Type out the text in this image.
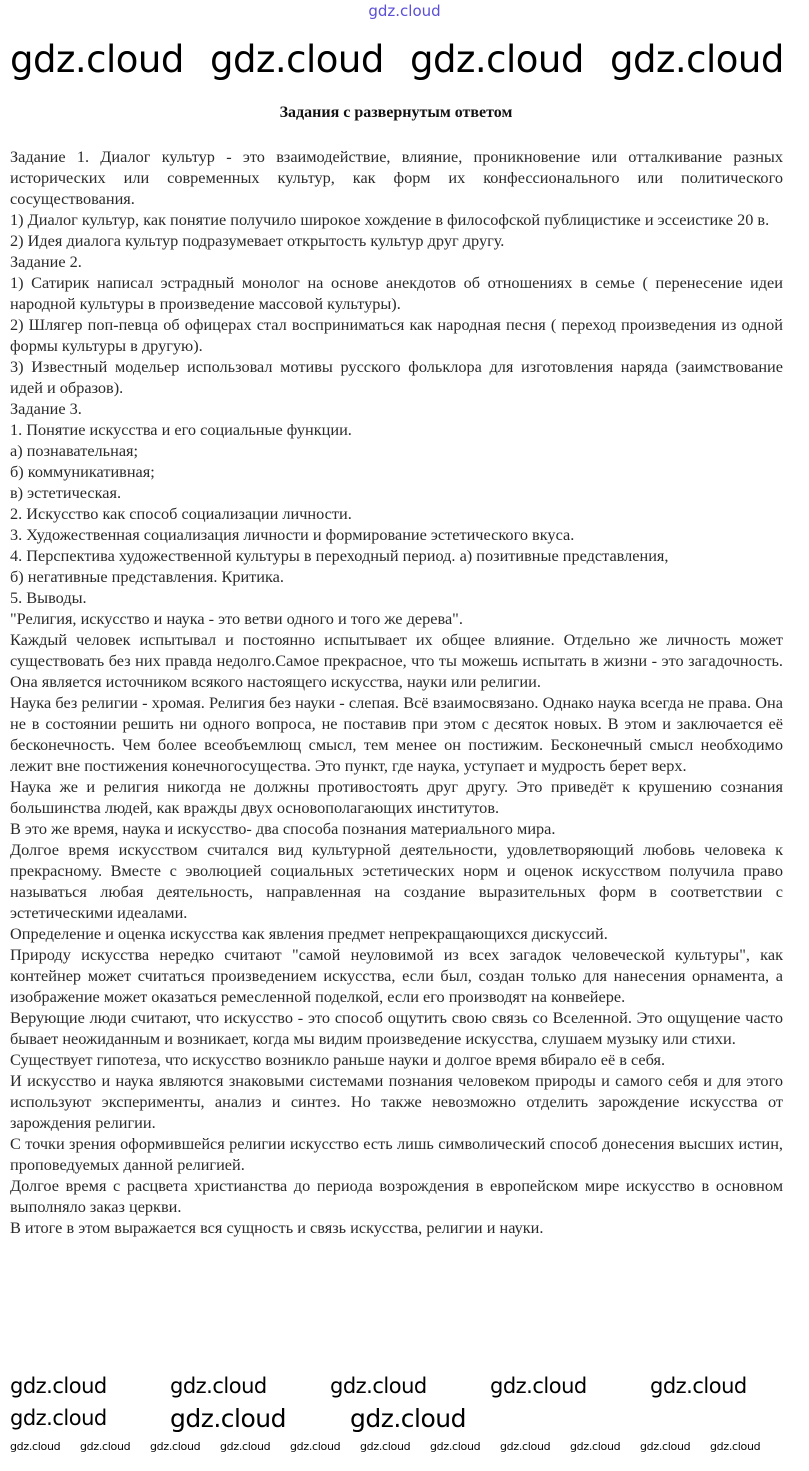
gdz.cloud
Задания с развернутым ответом

Задание 1. Диалог культур - это взаимодействие, влияние, проникновение или отталкивание разных исторических или современных культур, как форм их конфессионального или политического сосуществования.

1) Диалог культур, как понятие получило широкое хождение в философской публицистике и эссеистике 20 в.

2) Идея диалога культур подразумевает открытость культур друг другу.

Задание 2.

1) Сатирик написал эстрадный монолог на основе анекдотов об отношениях в семье ( перенесение идеи народной культуры в произведение массовой культуры).

2) Шлягер поп-певца об офицерах стал восприниматься как народная песня ( переход произведения из одной формы культуры в другую).

3) Известный модельер использовал мотивы русского фольклора для изготовления наряда (заимствование идей и образов).

Задание 3.

1. Понятие искусства и его социальные функции.

а) познавательная;

б) коммуникативная;

в) эстетическая.

2. Искусство как способ социализации личности.

3. Художественная социализация личности и формирование эстетического вкуса.

4. Перспектива художественной культуры в переходный период. а) позитивные представления,

б) негативные представления. Критика.

5. Выводы.

"Религия, искусство и наука - это ветви одного и того же дерева".

Каждый человек испытывал и постоянно испытывает их общее влияние. Отдельно же личность может существовать без них правда недолго.Самое прекрасное, что ты можешь испытать в жизни - это загадочность. Она является источником всякого настоящего искусства, науки или религии.

Наука без религии - хромая. Религия без науки - слепая. Всё взаимосвязано. Однако наука всегда не права. Она не в состоянии решить ни одного вопроса, не поставив при этом с десяток новых. В этом и заключается её бесконечность. Чем более всеобъемлющ смысл, тем менее он постижим. Бесконечный смысл необходимо лежит вне постижения конечногосущества. Это пункт, где наука, уступает и мудрость берет верх.

Наука же и религия никогда не должны противостоять друг другу. Это приведёт к крушению сознания большинства людей, как вражды двух основополагающих институтов.

В это же время, наука и искусство- два способа познания материального мира.

Долгое время искусством считался вид культурной деятельности, удовлетворяющий любовь человека к прекрасному. Вместе с эволюцией социальных эстетических норм и оценок искусством получила право называться любая деятельность, направленная на создание выразительных форм в соответствии с эстетическими идеалами.

Определение и оценка искусства как явления предмет непрекращающихся дискуссий.

Природу искусства нередко считают "самой неуловимой из всех загадок человеческой культуры", как контейнер может считаться произведением искусства, если был, создан только для нанесения орнамента, а изображение может оказаться ремесленной поделкой, если его производят на конвейере.

Верующие люди считают, что искусство - это способ ощутить свою связь со Вселенной. Это ощущение часто бывает неожиданным и возникает, когда мы видим произведение искусства, слушаем музыку или стихи.

Существует гипотеза, что искусство возникло раньше науки и долгое время вбирало её в себя.

И искусство и наука являются знаковыми системами познания человеком природы и самого себя и для этого используют эксперименты, анализ и синтез. Но также невозможно отделить зарождение искусства от зарождения религии.

С точки зрения оформившейся религии искусство есть лишь символический способ донесения высших истин, проповедуемых данной религией.

Долгое время с расцвета христианства до периода возрождения в европейском мире искусство в основном выполняло заказ церкви.

В итоге в этом выражается вся сущность и связь искусства, религии и науки.

gdz.cloud gdz.cloud gdz.cloud gdz.cloud
gdz.cloud	gdz.cloud	gdz.cloud	gdz.cloud	gdz.cloud
gdz.cloud	gdz.cloud	gdz.cloud
gdz.cloud gdz.cloud gdz.cloud gdz.cloud gdz.cloud gdz.cloud gdz.cloud gdz.cloud gdz.cloud gdz.cloud gdz.cloud
